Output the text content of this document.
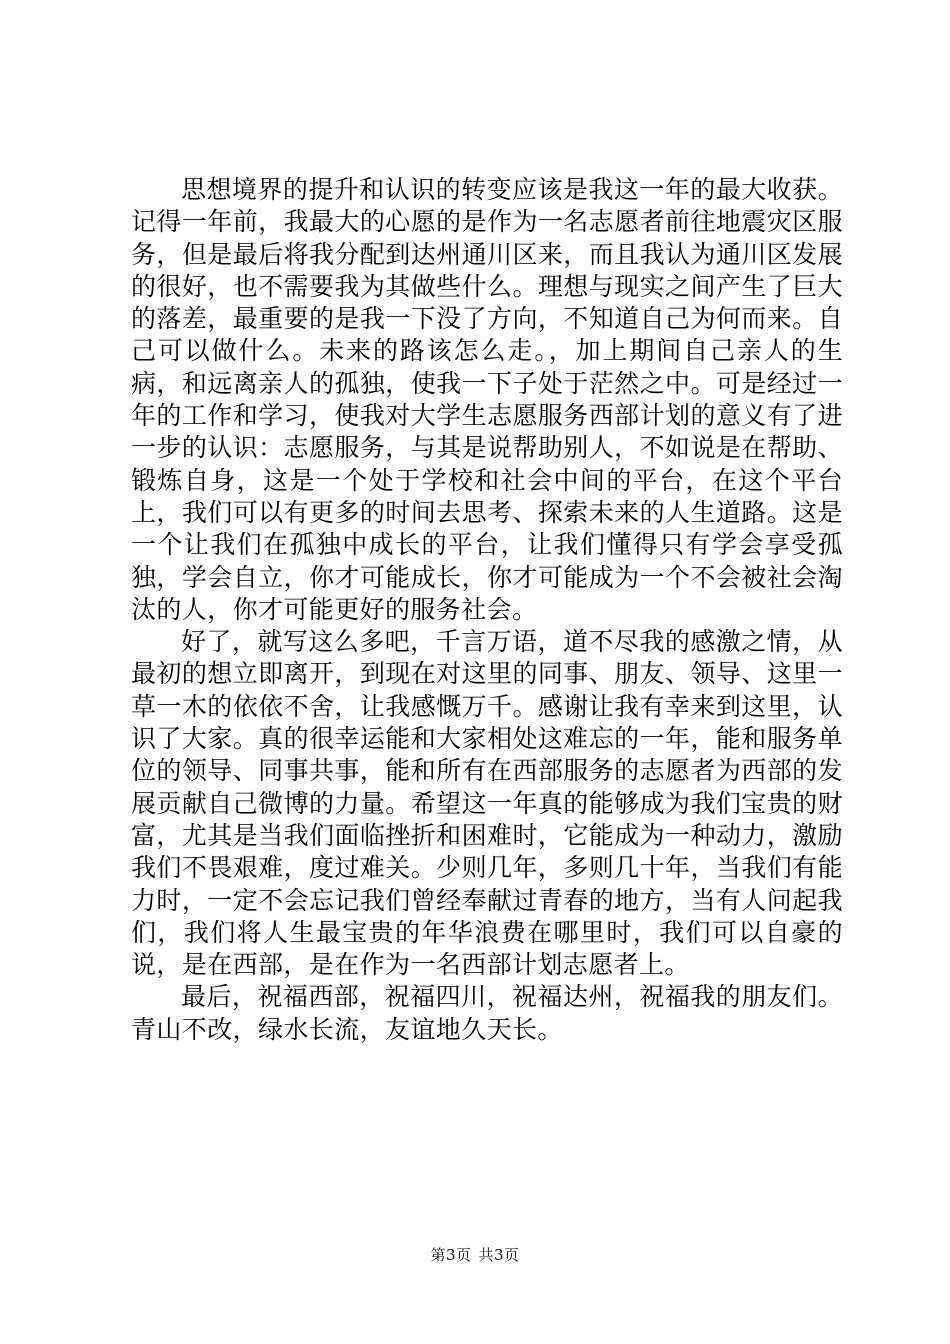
思想境界的提升和认识的转变应该是我这一年的最大收获。记得一年前，我最大的心愿的是作为一名志愿者前往地震灾区服务，但是最后将我分配到达州通川区来，而且我认为通川区发展的很好，也不需要我为其做些什么。理想与现实之间产生了巨大的落差，最重要的是我一下没了方向，不知道自己为何而来。自己可以做什么。未来的路该怎么走。，加上期间自己亲人的生病，和远离亲人的孤独，使我一下子处于茫然之中。可是经过一年的工作和学习，使我对大学生志愿服务西部计划的意义有了进一步的认识：志愿服务，与其是说帮助别人，不如说是在帮助、锻炼自身，这是一个处于学校和社会中间的平台，在这个平台上，我们可以有更多的时间去思考、探索未来的人生道路。这是一个让我们在孤独中成长的平台，让我们懂得只有学会享受孤独，学会自立，你才可能成长，你才可能成为一个不会被社会淘汰的人，你才可能更好的服务社会。

好了，就写这么多吧，千言万语，道不尽我的感激之情，从最初的想立即离开，到现在对这里的同事、朋友、领导、这里一草一木的依依不舍，让我感慨万千。感谢让我有幸来到这里，认识了大家。真的很幸运能和大家相处这难忘的一年，能和服务单位的领导、同事共事，能和所有在西部服务的志愿者为西部的发展贡献自己微博的力量。希望这一年真的能够成为我们宝贵的财富，尤其是当我们面临挫折和困难时，它能成为一种动力，激励我们不畏艰难，度过难关。少则几年，多则几十年，当我们有能力时，一定不会忘记我们曾经奉献过青春的地方，当有人问起我们，我们将人生最宝贵的年华浪费在哪里时，我们可以自豪的说，是在西部，是在作为一名西部计划志愿者上。

最后，祝福西部，祝福四川，祝福达州，祝福我的朋友们。青山不改，绿水长流，友谊地久天长。

第3页 共3页
